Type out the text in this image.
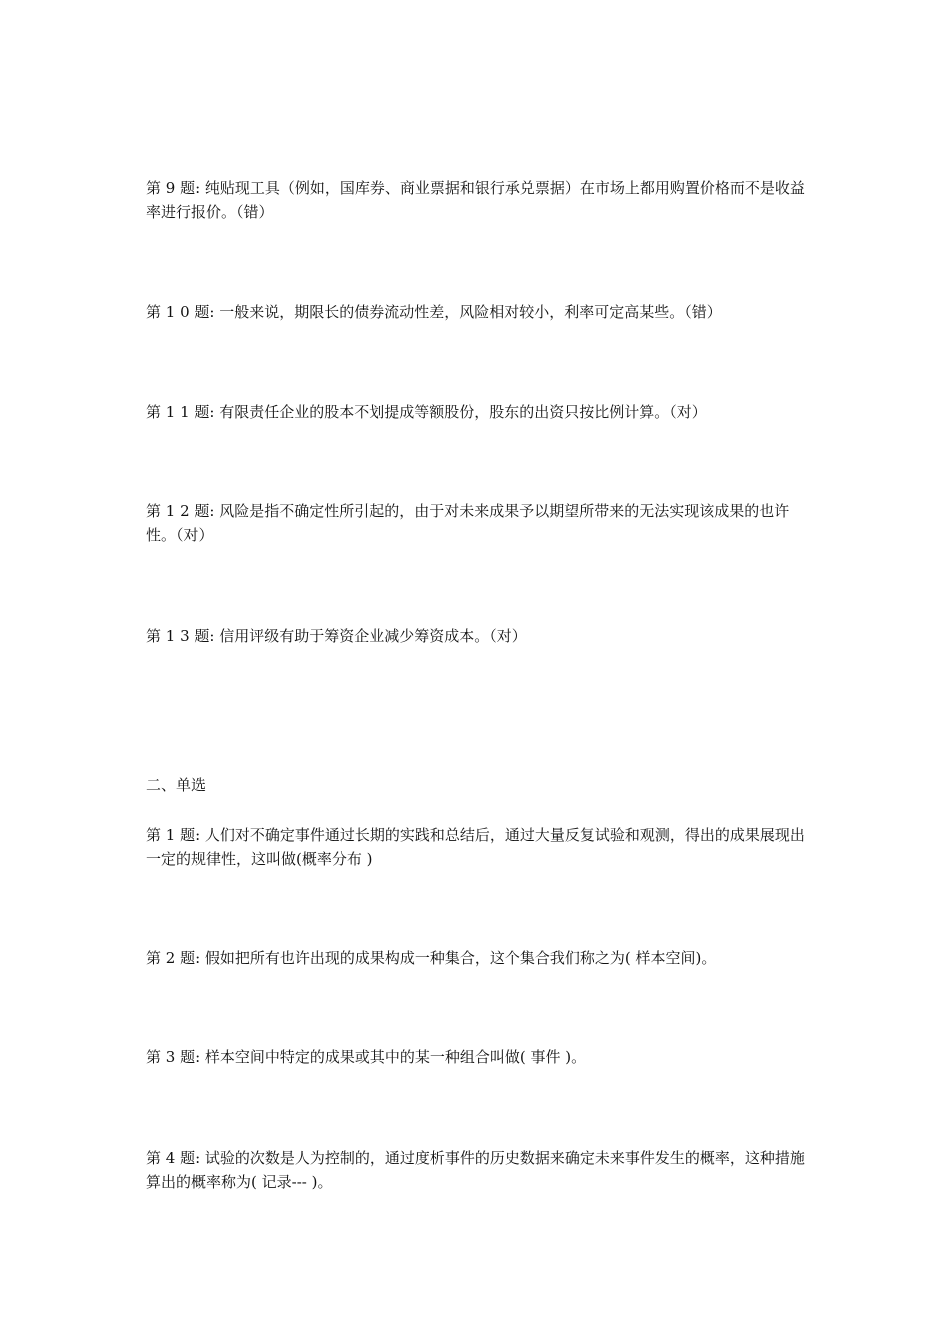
第 9 题: 纯贴现工具（例如，国库券、商业票据和银行承兑票据）在市场上都用购置价格而不是收益率进行报价。（错）

第 1 0 题: 一般来说，期限长的债券流动性差，风险相对较小，利率可定高某些。（错）

第 1 1 题: 有限责任企业的股本不划提成等额股份，股东的出资只按比例计算。（对）

第 1 2 题: 风险是指不确定性所引起的，由于对未来成果予以期望所带来的无法实现该成果的也许性。（对）

第 1 3 题: 信用评级有助于筹资企业减少筹资成本。（对）

二、单选

第 1 题: 人们对不确定事件通过长期的实践和总结后，通过大量反复试验和观测，得出的成果展现出一定的规律性，这叫做(概率分布 )

第 2 题: 假如把所有也许出现的成果构成一种集合，这个集合我们称之为( 样本空间)。

第 3 题: 样本空间中特定的成果或其中的某一种组合叫做( 事件 )。

第 4 题: 试验的次数是人为控制的，通过度析事件的历史数据来确定未来事件发生的概率，这种措施算出的概率称为( 记录--- )。
